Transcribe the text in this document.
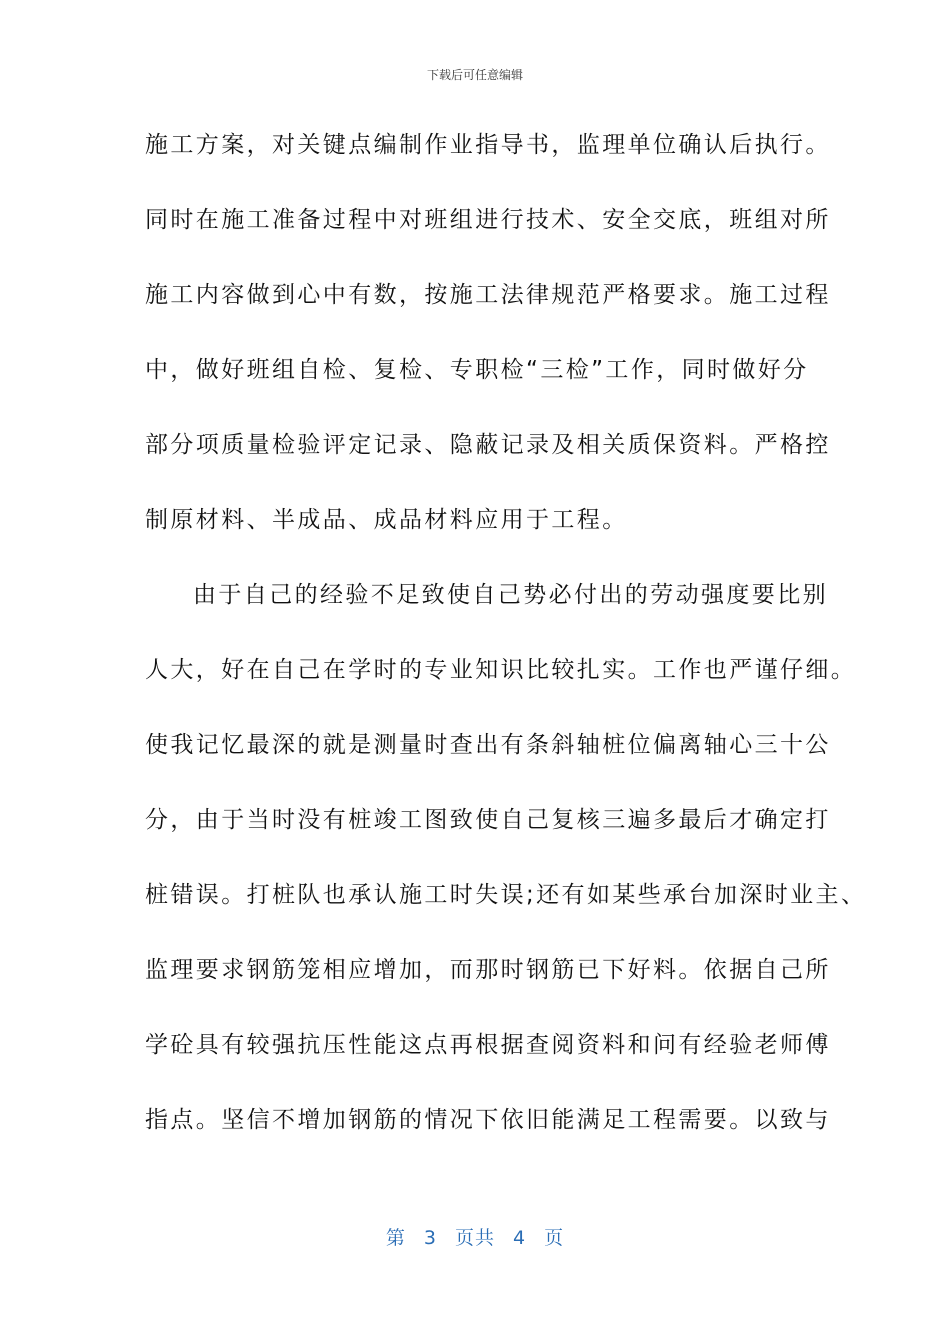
下载后可任意编辑
施工方案，对关键点编制作业指导书，监理单位确认后执行。
同时在施工准备过程中对班组进行技术、安全交底，班组对所
施工内容做到心中有数，按施工法律规范严格要求。施工过程
中，做好班组自检、复检、专职检“三检”工作，同时做好分
部分项质量检验评定记录、隐蔽记录及相关质保资料。严格控
制原材料、半成品、成品材料应用于工程。
由于自己的经验不足致使自己势必付出的劳动强度要比别
人大，好在自己在学时的专业知识比较扎实。工作也严谨仔细。
使我记忆最深的就是测量时查出有条斜轴桩位偏离轴心三十公
分，由于当时没有桩竣工图致使自己复核三遍多最后才确定打
桩错误。打桩队也承认施工时失误;还有如某些承台加深时业主、
监理要求钢筋笼相应增加，而那时钢筋已下好料。依据自己所
学砼具有较强抗压性能这点再根据查阅资料和问有经验老师傅
指点。坚信不增加钢筋的情况下依旧能满足工程需要。以致与
第 3 页共 4 页
